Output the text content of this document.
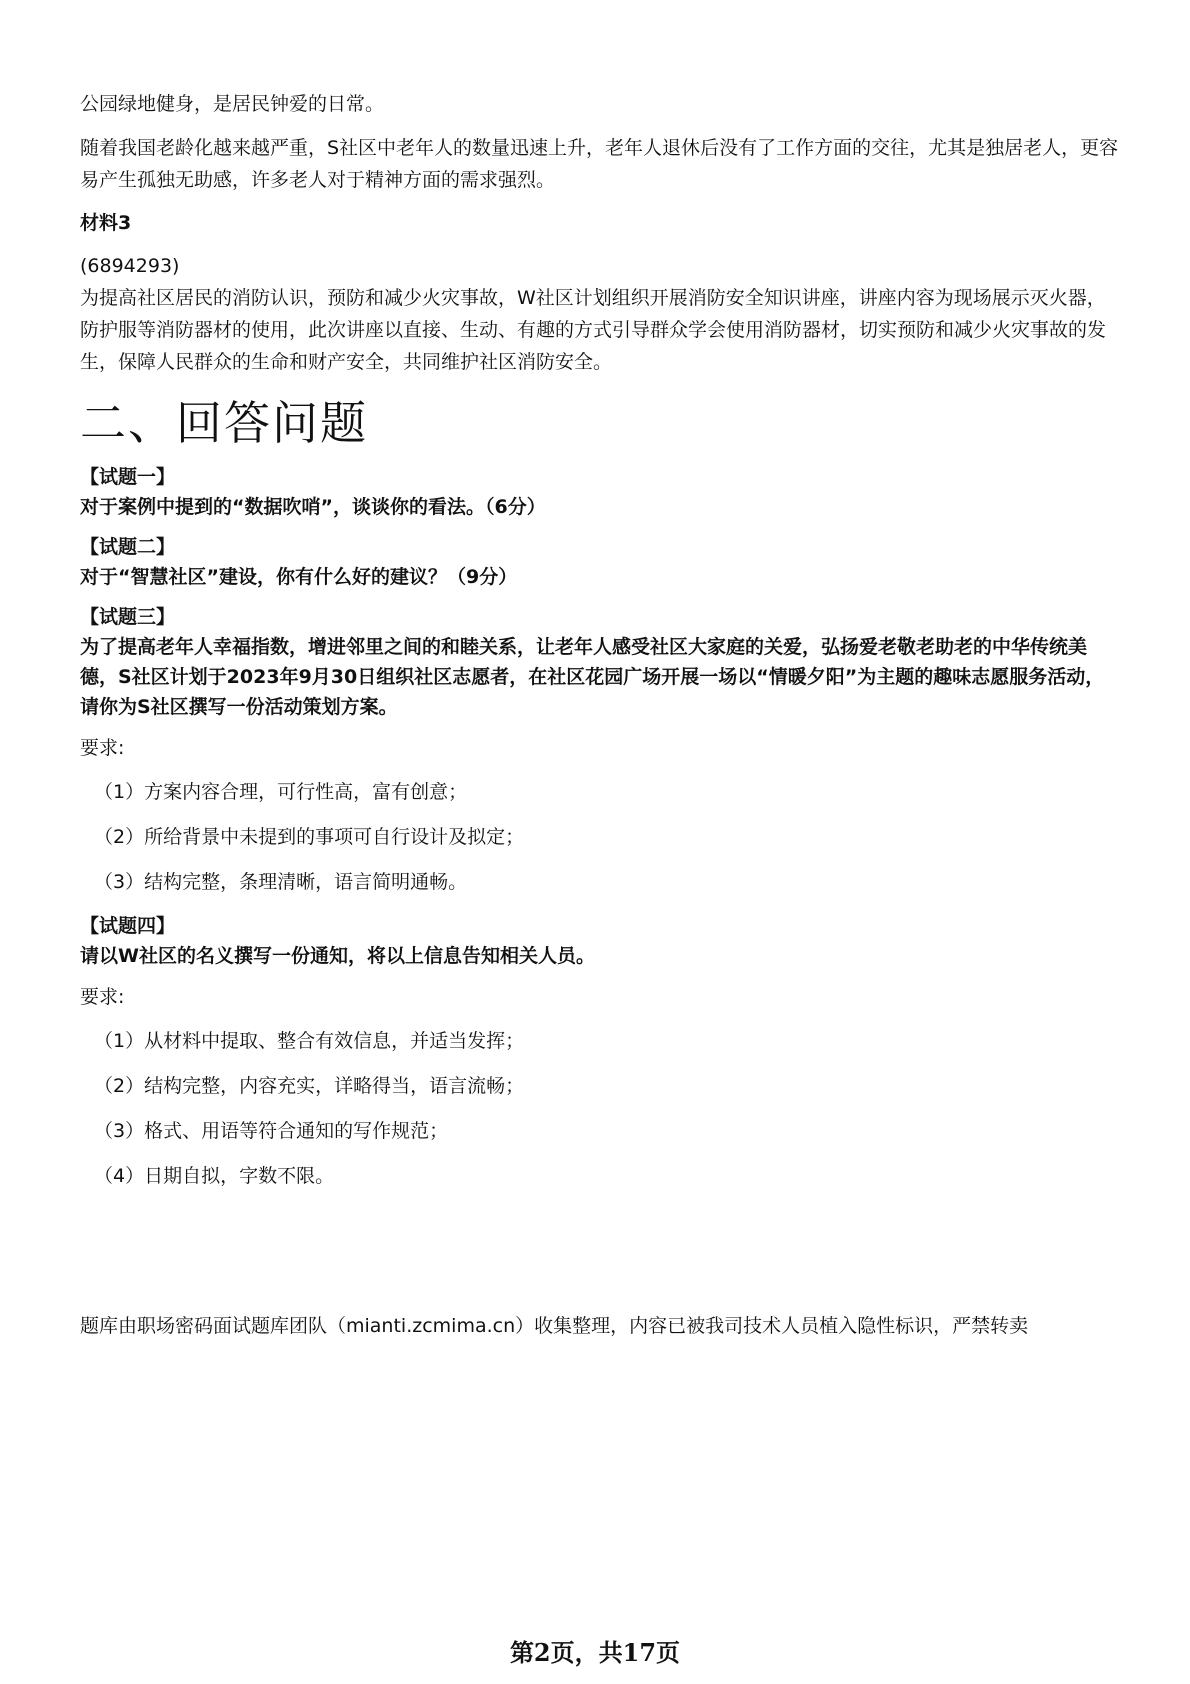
公园绿地健身，是居民钟爱的日常。

随着我国老龄化越来越严重，S社区中老年人的数量迅速上升，老年人退休后没有了工作方面的交往，尤其是独居老人，更容易产生孤独无助感，许多老人对于精神方面的需求强烈。

材料3

(6894293)

为提高社区居民的消防认识，预防和减少火灾事故，W社区计划组织开展消防安全知识讲座，讲座内容为现场展示灭火器，防护服等消防器材的使用，此次讲座以直接、生动、有趣的方式引导群众学会使用消防器材，切实预防和减少火灾事故的发生，保障人民群众的生命和财产安全，共同维护社区消防安全。

二、回答问题

【试题一】

对于案例中提到的“数据吹哨”，谈谈你的看法。（6分）

【试题二】

对于“智慧社区”建设，你有什么好的建议？（9分）

【试题三】

为了提高老年人幸福指数，增进邻里之间的和睦关系，让老年人感受社区大家庭的关爱，弘扬爱老敬老助老的中华传统美德，S社区计划于2023年9月30日组织社区志愿者，在社区花园广场开展一场以“情暖夕阳”为主题的趣味志愿服务活动，请你为S社区撰写一份活动策划方案。

要求:

（1）方案内容合理，可行性高，富有创意；

（2）所给背景中未提到的事项可自行设计及拟定；

（3）结构完整，条理清晰，语言简明通畅。

【试题四】

请以W社区的名义撰写一份通知，将以上信息告知相关人员。

要求:

（1）从材料中提取、整合有效信息，并适当发挥；

（2）结构完整，内容充实，详略得当，语言流畅；

（3）格式、用语等符合通知的写作规范；

（4）日期自拟，字数不限。

题库由职场密码面试题库团队（mianti.zcmima.cn）收集整理，内容已被我司技术人员植入隐性标识，严禁转卖

第2页，共17页
